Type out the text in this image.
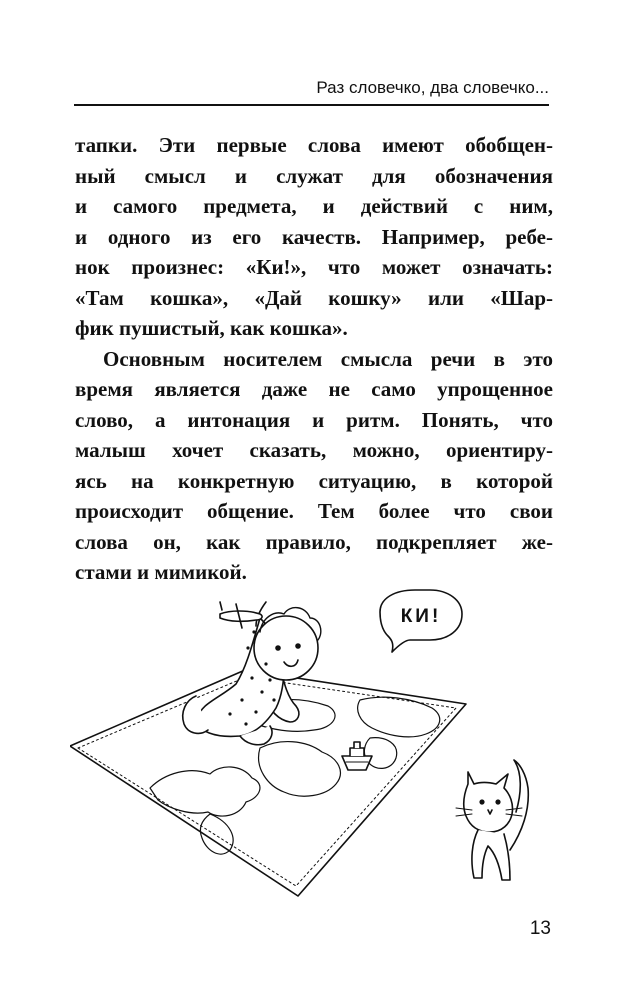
Раз словечко, два словечко...
тапки. Эти первые слова имеют обобщен-
ный смысл и служат для обозначения
и самого предмета, и действий с ним,
и одного из его качеств. Например, ребе-
нок произнес: «Ки!», что может означать:
«Там кошка», «Дай кошку» или «Шар-
фик пушистый, как кошка».
Основным носителем смысла речи в это
время является даже не само упрощенное
слово, а интонация и ритм. Понять, что
малыш хочет сказать, можно, ориентиру-
ясь на конкретную ситуацию, в которой
происходит общение. Тем более что свои
слова он, как правило, подкрепляет же-
стами и мимикой.
КИ!
13
